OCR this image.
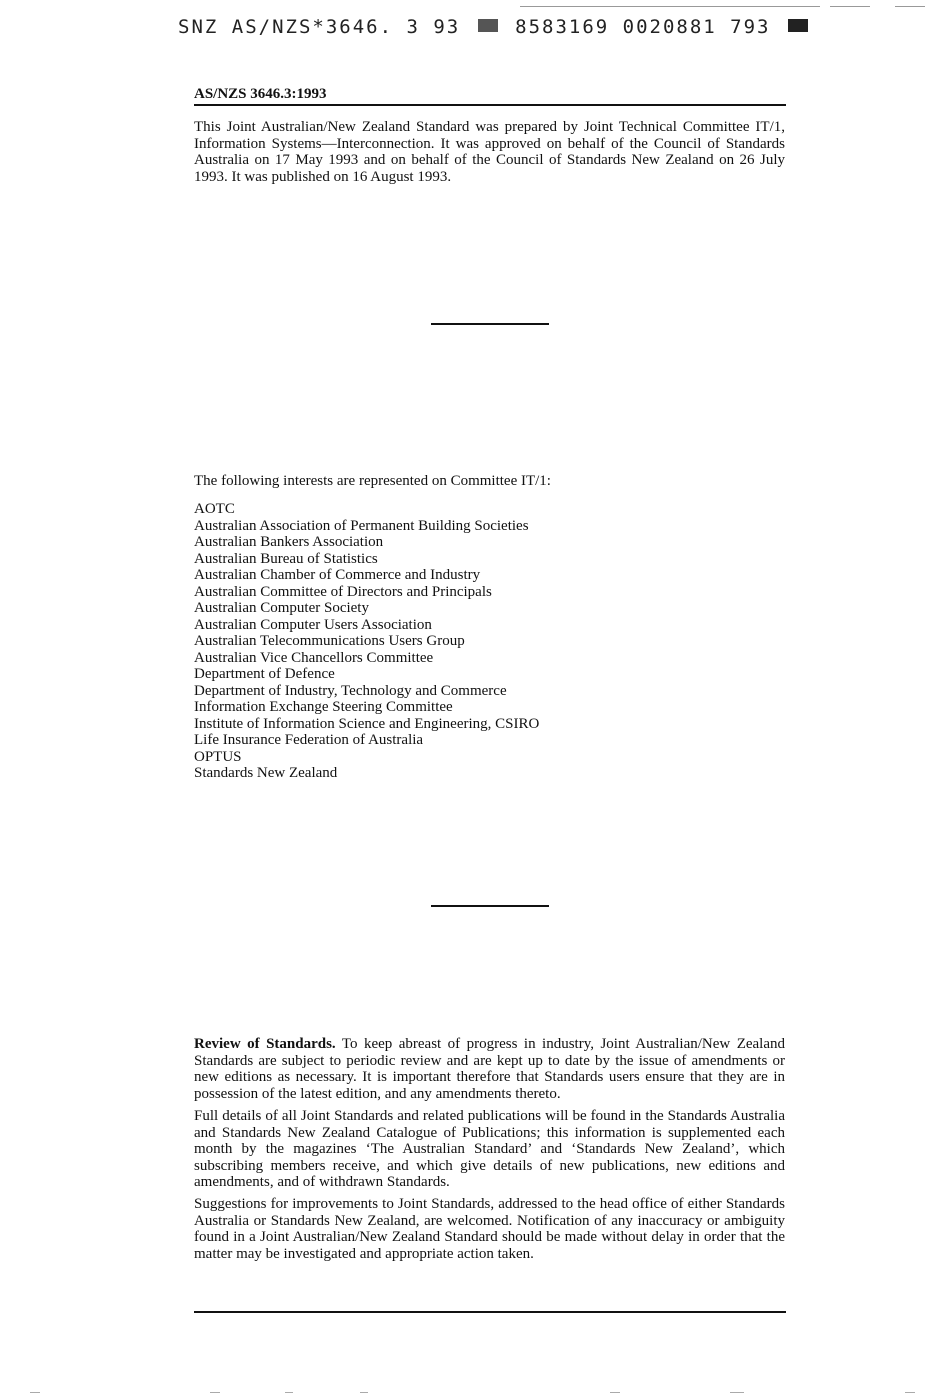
SNZ AS/NZS*3646. 3 93	8583169 0020881 793
AS/NZS 3646.3:1993

This Joint Australian/New Zealand Standard was prepared by Joint Technical Committee IT/1, Information Systems—Interconnection. It was approved on behalf of the Council of Standards Australia on 17 May 1993 and on behalf of the Council of Standards New Zealand on 26 July 1993. It was published on 16 August 1993.

The following interests are represented on Committee IT/1:
AOTC
Australian Association of Permanent Building Societies
Australian Bankers Association
Australian Bureau of Statistics
Australian Chamber of Commerce and Industry
Australian Committee of Directors and Principals
Australian Computer Society
Australian Computer Users Association
Australian Telecommunications Users Group
Australian Vice Chancellors Committee
Department of Defence
Department of Industry, Technology and Commerce
Information Exchange Steering Committee
Institute of Information Science and Engineering, CSIRO
Life Insurance Federation of Australia
OPTUS
Standards New Zealand

Review of Standards. To keep abreast of progress in industry, Joint Australian/New Zealand Standards are subject to periodic review and are kept up to date by the issue of amendments or new editions as necessary. It is important therefore that Standards users ensure that they are in possession of the latest edition, and any amendments thereto.

Full details of all Joint Standards and related publications will be found in the Standards Australia and Standards New Zealand Catalogue of Publications; this information is supplemented each month by the magazines ‘The Australian Standard’ and ‘Standards New Zealand’, which subscribing members receive, and which give details of new publications, new editions and amendments, and of withdrawn Standards.

Suggestions for improvements to Joint Standards, addressed to the head office of either Standards Australia or Standards New Zealand, are welcomed. Notification of any inaccuracy or ambiguity found in a Joint Australian/New Zealand Standard should be made without delay in order that the matter may be investigated and appropriate action taken.
